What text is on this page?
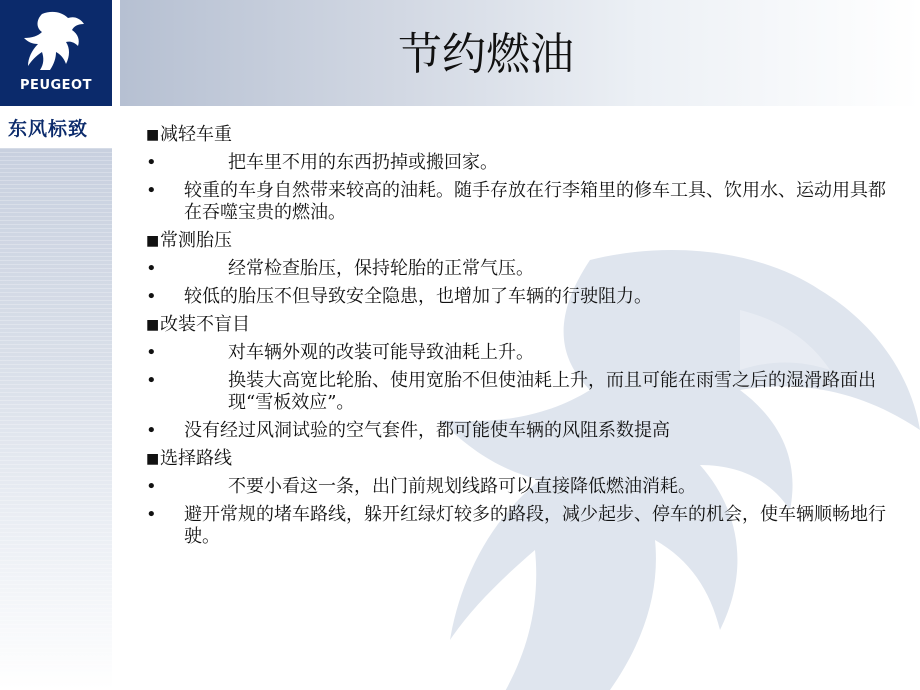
PEUGEOT
东风标致
节约燃油
■ 减轻车重
•	把车里不用的东西扔掉或搬回家。
•	较重的车身自然带来较高的油耗。随手存放在行李箱里的修车工具、饮用水、运动用具都在吞噬宝贵的燃油。
■ 常测胎压
•	经常检查胎压，保持轮胎的正常气压。
•	较低的胎压不但导致安全隐患，也增加了车辆的行驶阻力。
■ 改装不盲目
•	对车辆外观的改装可能导致油耗上升。
•	换装大高宽比轮胎、使用宽胎不但使油耗上升，而且可能在雨雪之后的湿滑路面出现“雪板效应”。
•	没有经过风洞试验的空气套件，都可能使车辆的风阻系数提高
■ 选择路线
•	不要小看这一条，出门前规划线路可以直接降低燃油消耗。
•	避开常规的堵车路线，躲开红绿灯较多的路段，减少起步、停车的机会，使车辆顺畅地行驶。
